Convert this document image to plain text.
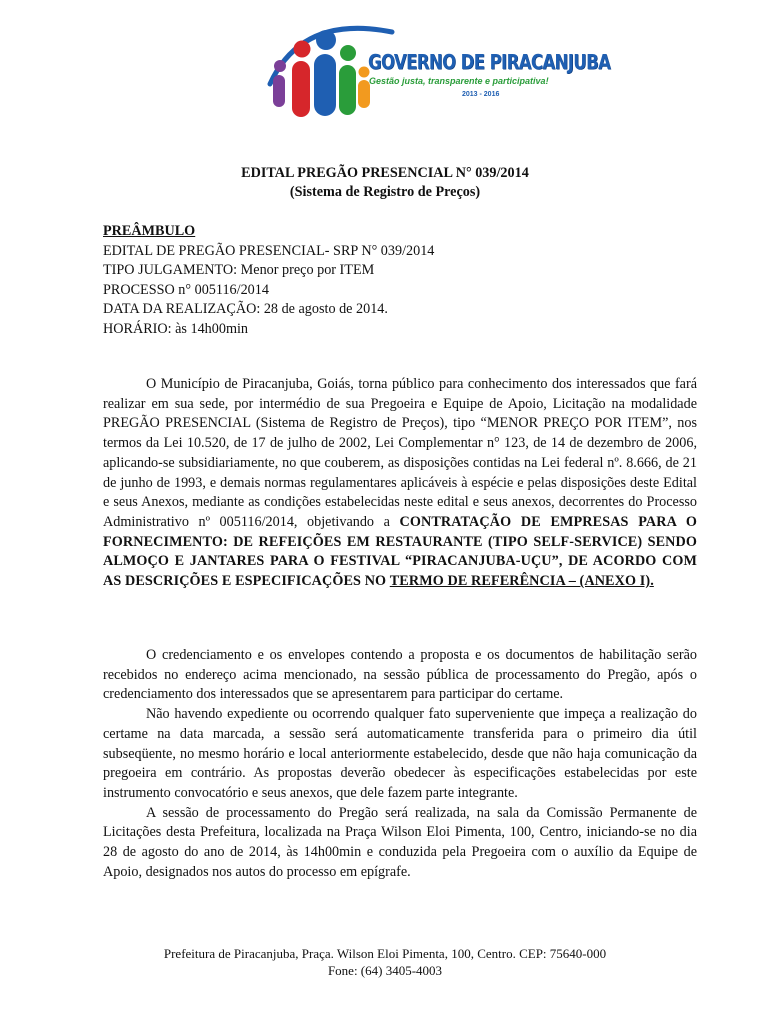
GOVERNO DE PIRACANJUBA
Gestão justa, transparente e participativa!
2013 - 2016
EDITAL PREGÃO PRESENCIAL N° 039/2014
(Sistema de Registro de Preços)
PREÂMBULO
EDITAL DE PREGÃO PRESENCIAL- SRP N° 039/2014
TIPO JULGAMENTO: Menor preço por ITEM
PROCESSO n° 005116/2014
DATA DA REALIZAÇÃO: 28 de agosto de 2014.
HORÁRIO: às 14h00min

O Município de Piracanjuba, Goiás, torna público para conhecimento dos interessados que fará realizar em sua sede, por intermédio de sua Pregoeira e Equipe de Apoio, Licitação na modalidade PREGÃO PRESENCIAL (Sistema de Registro de Preços), tipo “MENOR PREÇO POR ITEM”, nos termos da Lei 10.520, de 17 de julho de 2002, Lei Complementar n° 123, de 14 de dezembro de 2006, aplicando-se subsidiariamente, no que couberem, as disposições contidas na Lei federal nº. 8.666, de 21 de junho de 1993, e demais normas regulamentares aplicáveis à espécie e pelas disposições deste Edital e seus Anexos, mediante as condições estabelecidas neste edital e seus anexos, decorrentes do Processo Administrativo nº 005116/2014, objetivando a CONTRATAÇÃO DE EMPRESAS PARA O FORNECIMENTO: DE REFEIÇÕES EM RESTAURANTE (TIPO SELF-SERVICE) SENDO ALMOÇO E JANTARES PARA O FESTIVAL “PIRACANJUBA-UÇU”, DE ACORDO COM AS DESCRIÇÕES E ESPECIFICAÇÕES NO TERMO DE REFERÊNCIA – (ANEXO I).

O credenciamento e os envelopes contendo a proposta e os documentos de habilitação serão recebidos no endereço acima mencionado, na sessão pública de processamento do Pregão, após o credenciamento dos interessados que se apresentarem para participar do certame.

Não havendo expediente ou ocorrendo qualquer fato superveniente que impeça a realização do certame na data marcada, a sessão será automaticamente transferida para o primeiro dia útil subseqüente, no mesmo horário e local anteriormente estabelecido, desde que não haja comunicação da pregoeira em contrário. As propostas deverão obedecer às especificações estabelecidas por este instrumento convocatório e seus anexos, que dele fazem parte integrante.

A sessão de processamento do Pregão será realizada, na sala da Comissão Permanente de Licitações desta Prefeitura, localizada na Praça Wilson Eloi Pimenta, 100, Centro, iniciando-se no dia 28 de agosto do ano de 2014, às 14h00min e conduzida pela Pregoeira com o auxílio da Equipe de Apoio, designados nos autos do processo em epígrafe.

Prefeitura de Piracanjuba, Praça. Wilson Eloi Pimenta, 100, Centro. CEP: 75640-000
Fone: (64) 3405-4003
